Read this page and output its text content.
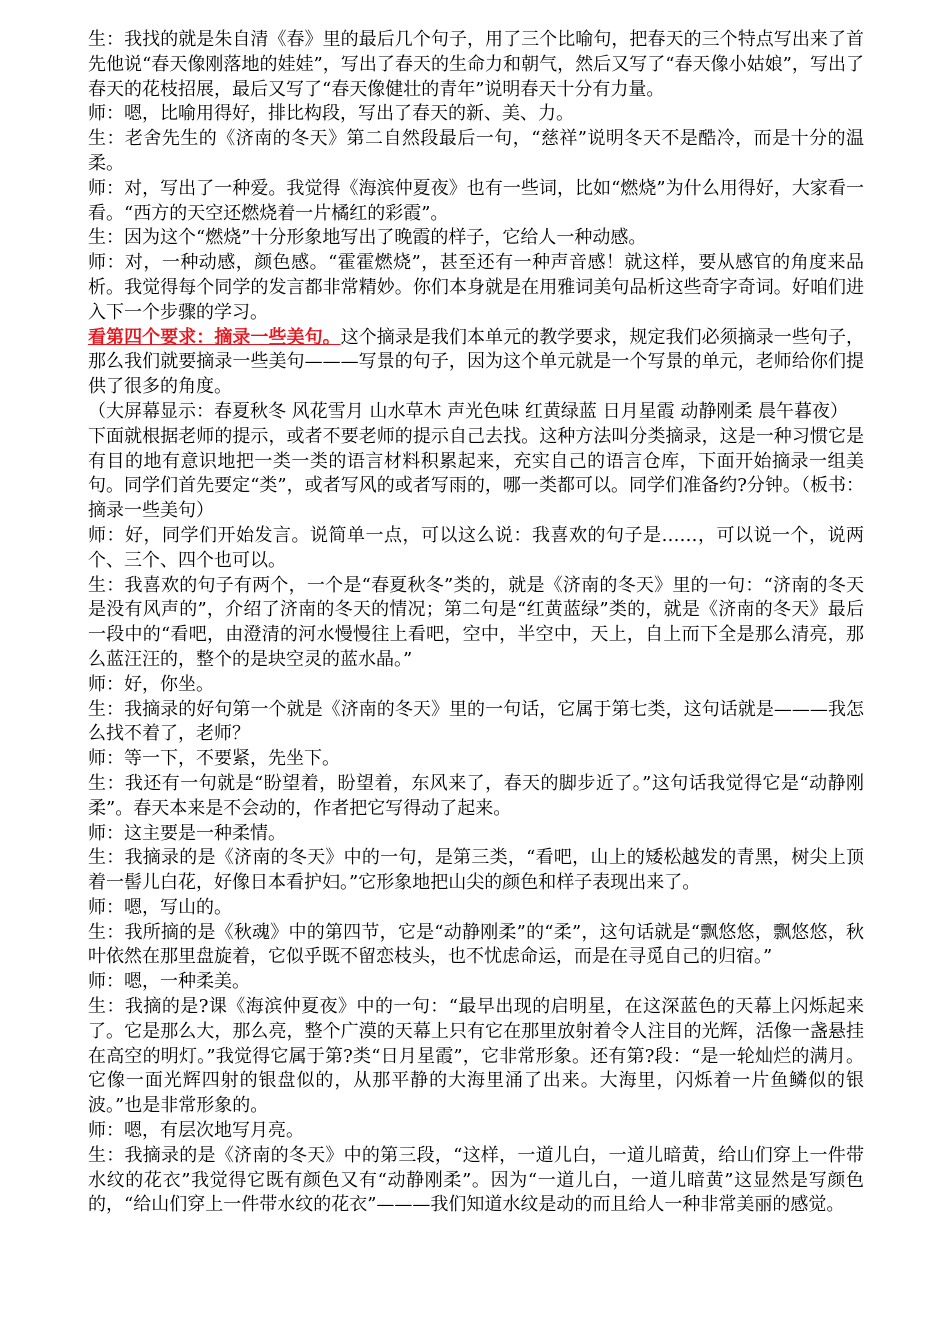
生：我找的就是朱自清《春》里的最后几个句子，用了三个比喻句，把春天的三个特点写出来了首先他说“春天像刚落地的娃娃”，写出了春天的生命力和朝气，然后又写了“春天像小姑娘”，写出了春天的花枝招展，最后又写了“春天像健壮的青年”说明春天十分有力量。

师：嗯，比喻用得好，排比构段，写出了春天的新、美、力。

生：老舍先生的《济南的冬天》第二自然段最后一句，“慈祥”说明冬天不是酷冷，而是十分的温柔。

师：对，写出了一种爱。我觉得《海滨仲夏夜》也有一些词，比如“燃烧”为什么用得好，大家看一看。“西方的天空还燃烧着一片橘红的彩霞”。

生：因为这个“燃烧”十分形象地写出了晚霞的样子，它给人一种动感。

师：对，一种动感，颜色感。“霍霍燃烧”，甚至还有一种声音感！就这样，要从感官的角度来品析。我觉得每个同学的发言都非常精妙。你们本身就是在用雅词美句品析这些奇字奇词。好咱们进入下一个步骤的学习。

看第四个要求：摘录一些美句。这个摘录是我们本单元的教学要求，规定我们必须摘录一些句子，那么我们就要摘录一些美句———写景的句子，因为这个单元就是一个写景的单元，老师给你们提供了很多的角度。

（大屏幕显示：春夏秋冬 风花雪月 山水草木 声光色味 红黄绿蓝 日月星霞 动静刚柔 晨午暮夜）

下面就根据老师的提示，或者不要老师的提示自己去找。这种方法叫分类摘录，这是一种习惯它是有目的地有意识地把一类一类的语言材料积累起来，充实自己的语言仓库，下面开始摘录一组美句。同学们首先要定“类”，或者写风的或者写雨的，哪一类都可以。同学们准备约?分钟。（板书：摘录一些美句）

师：好，同学们开始发言。说简单一点，可以这么说：我喜欢的句子是……，可以说一个，说两个、三个、四个也可以。

生：我喜欢的句子有两个，一个是“春夏秋冬”类的，就是《济南的冬天》里的一句：“济南的冬天是没有风声的”，介绍了济南的冬天的情况；第二句是“红黄蓝绿”类的，就是《济南的冬天》最后一段中的“看吧，由澄清的河水慢慢往上看吧，空中，半空中，天上，自上而下全是那么清亮，那么蓝汪汪的，整个的是块空灵的蓝水晶。”

师：好，你坐。

生：我摘录的好句第一个就是《济南的冬天》里的一句话，它属于第七类，这句话就是———我怎么找不着了，老师？

师：等一下，不要紧，先坐下。

生：我还有一句就是“盼望着，盼望着，东风来了，春天的脚步近了。”这句话我觉得它是“动静刚柔”。春天本来是不会动的，作者把它写得动了起来。

师：这主要是一种柔情。

生：我摘录的是《济南的冬天》中的一句，是第三类，“看吧，山上的矮松越发的青黑，树尖上顶着一髻儿白花，好像日本看护妇。”它形象地把山尖的颜色和样子表现出来了。

师：嗯，写山的。

生：我所摘的是《秋魂》中的第四节，它是“动静刚柔”的“柔”，这句话就是“飘悠悠，飘悠悠，秋叶依然在那里盘旋着，它似乎既不留恋枝头，也不忧虑命运，而是在寻觅自己的归宿。”

师：嗯，一种柔美。

生：我摘的是?课《海滨仲夏夜》中的一句：“最早出现的启明星，在这深蓝色的天幕上闪烁起来了。它是那么大，那么亮，整个广漠的天幕上只有它在那里放射着令人注目的光辉，活像一盏悬挂在高空的明灯。”我觉得它属于第?类“日月星霞”，它非常形象。还有第?段：“是一轮灿烂的满月。它像一面光辉四射的银盘似的，从那平静的大海里涌了出来。大海里，闪烁着一片鱼鳞似的银波。”也是非常形象的。

师：嗯，有层次地写月亮。

生：我摘录的是《济南的冬天》中的第三段，“这样，一道儿白，一道儿暗黄，给山们穿上一件带水纹的花衣”我觉得它既有颜色又有“动静刚柔”。因为“一道儿白，一道儿暗黄”这显然是写颜色的，“给山们穿上一件带水纹的花衣”———我们知道水纹是动的而且给人一种非常美丽的感觉。
